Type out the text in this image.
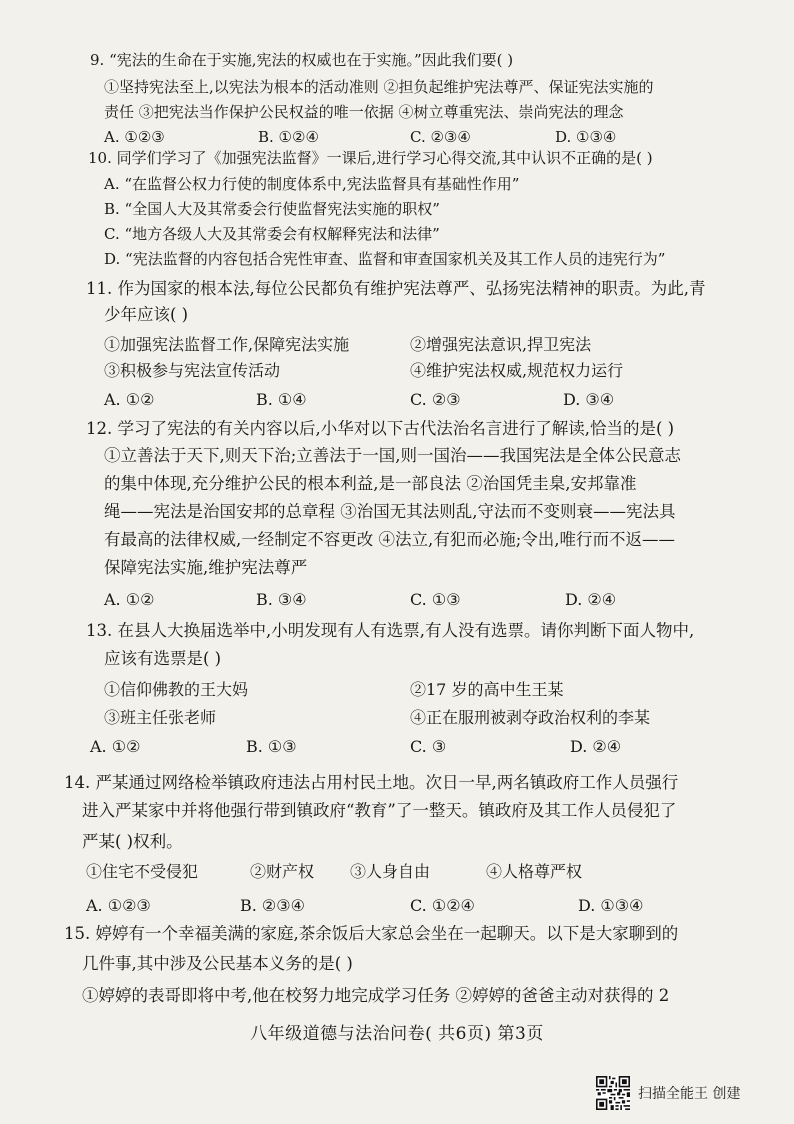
9. “宪法的生命在于实施,宪法的权威也在于实施。”因此我们要( )
①坚持宪法至上,以宪法为根本的活动准则 ②担负起维护宪法尊严、保证宪法实施的
责任 ③把宪法当作保护公民权益的唯一依据 ④树立尊重宪法、崇尚宪法的理念
A. ①②③	B. ①②④	C. ②③④	D. ①③④
10. 同学们学习了《加强宪法监督》一课后,进行学习心得交流,其中认识不正确的是( )
A. “在监督公权力行使的制度体系中,宪法监督具有基础性作用”
B. “全国人大及其常委会行使监督宪法实施的职权”
C. “地方各级人大及其常委会有权解释宪法和法律”
D. “宪法监督的内容包括合宪性审查、监督和审查国家机关及其工作人员的违宪行为”
11. 作为国家的根本法,每位公民都负有维护宪法尊严、弘扬宪法精神的职责。为此,青
少年应该( )
①加强宪法监督工作,保障宪法实施	②增强宪法意识,捍卫宪法
③积极参与宪法宣传活动	④维护宪法权威,规范权力运行
A. ①②	B. ①④	C. ②③	D. ③④
12. 学习了宪法的有关内容以后,小华对以下古代法治名言进行了解读,恰当的是( )
①立善法于天下,则天下治;立善法于一国,则一国治——我国宪法是全体公民意志
的集中体现,充分维护公民的根本利益,是一部良法 ②治国凭圭臬,安邦靠准
绳——宪法是治国安邦的总章程 ③治国无其法则乱,守法而不变则衰——宪法具
有最高的法律权威,一经制定不容更改 ④法立,有犯而必施;令出,唯行而不返——
保障宪法实施,维护宪法尊严
A. ①②	B. ③④	C. ①③	D. ②④
13. 在县人大换届选举中,小明发现有人有选票,有人没有选票。请你判断下面人物中,
应该有选票是( )
①信仰佛教的王大妈	②17 岁的高中生王某
③班主任张老师	④正在服刑被剥夺政治权利的李某
A. ①②	B. ①③	C. ③	D. ②④
14. 严某通过网络检举镇政府违法占用村民土地。次日一早,两名镇政府工作人员强行
进入严某家中并将他强行带到镇政府“教育”了一整天。镇政府及其工作人员侵犯了
严某( )权利。
①住宅不受侵犯	②财产权 ③人身自由	④人格尊严权
A. ①②③	B. ②③④	C. ①②④	D. ①③④
15. 婷婷有一个幸福美满的家庭,茶余饭后大家总会坐在一起聊天。以下是大家聊到的
几件事,其中涉及公民基本义务的是( )
①婷婷的表哥即将中考,他在校努力地完成学习任务 ②婷婷的爸爸主动对获得的 2
八年级道德与法治问卷( 共6页) 第3页
扫描全能王 创建
